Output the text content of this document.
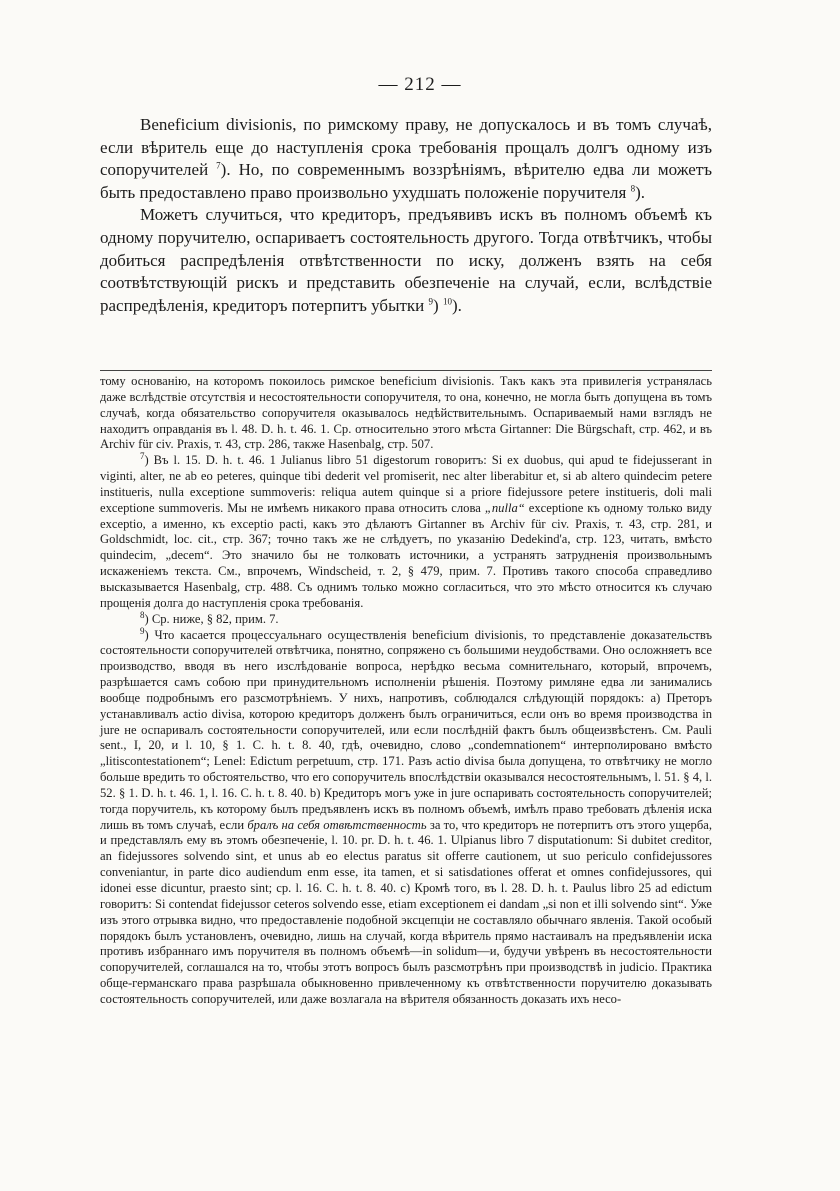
— 212 —

Beneficium divisionis, по римскому праву, не допускалось и въ томъ случаѣ, если вѣритель еще до наступленія срока требованія прощалъ долгъ одному изъ сопоручителей $^7$). Но, по современнымъ воззрѣніямъ, вѣрителю едва ли можетъ быть предоставлено право произвольно ухудшать положеніе поручителя $^8$).

Можетъ случиться, что кредиторъ, предъявивъ искъ въ полномъ объемѣ къ одному поручителю, оспариваетъ состоятельность другого. Тогда отвѣтчикъ, чтобы добиться распредѣленія отвѣтственности по иску, долженъ взять на себя соотвѣтствующій рискъ и представить обезпеченіе на случай, если, вслѣдствіе распредѣленія, кредиторъ потерпитъ убытки $^9$) $^{10}$).

тому основанію, на которомъ покоилось римское beneficium divisionis. Такъ какъ эта привилегія устранялась даже вслѣдствіе отсутствія и несостоятельности сопоручителя, то она, конечно, не могла быть допущена въ томъ случаѣ, когда обязательство сопоручителя оказывалось недѣйствительнымъ. Оспариваемый нами взглядъ не находитъ оправданія въ l. 48. D. h. t. 46. 1. Ср. относительно этого мѣста Girtanner: Die Bürgschaft, стр. 462, и въ Archiv für civ. Praxis, т. 43, стр. 286, также Hasenbalg, стр. 507.

$^7$) Въ l. 15. D. h. t. 46. 1 Julianus libro 51 digestorum говоритъ: Si ex duobus, qui apud te fidejusserant in viginti, alter, ne ab eo peteres, quinque tibi dederit vel promiserit, nec alter liberabitur et, si ab altero quindecim petere instituеris, nulla exceptione summoveris: reliqua autem quinque si a priore fidejussore petere instituеris, doli mali exceptione summoveris. Мы не имѣемъ никакого права относить слова „nulla“ exceptione къ одному только виду exceptio, а именно, къ exceptio pacti, какъ это дѣлаютъ Girtanner въ Archiv für civ. Praxis, т. 43, стр. 281, и Goldschmidt, loc. cit., стр. 367; точно такъ же не слѣдуетъ, по указанію Dedekind'a, стр. 123, читать, вмѣсто quindecim, „decem“. Это значило бы не толковать источники, а устранять затрудненія произвольнымъ искаженіемъ текста. См., впрочемъ, Windscheid, т. 2, § 479, прим. 7. Противъ такого способа справедливо высказывается Hasenbalg, стр. 488. Съ однимъ только можно согласиться, что это мѣсто относится къ случаю прощенія долга до наступленія срока требованія.

$^8$) Ср. ниже, § 82, прим. 7.

$^9$) Что касается процессуальнаго осуществленія beneficium divisionis, то представленіе доказательствъ состоятельности сопоручителей отвѣтчика, понятно, сопряжено съ большими неудобствами. Оно осложняетъ все производство, вводя въ него изслѣдованіе вопроса, нерѣдко весьма сомнительнаго, который, впрочемъ, разрѣшается самъ собою при принудительномъ исполненіи рѣшенія. Поэтому римляне едва ли занимались вообще подробнымъ его разсмотрѣніемъ. У нихъ, напротивъ, соблюдался слѣдующій порядокъ: а) Преторъ устанавливалъ actio divisa, которою кредиторъ долженъ былъ ограничиться, если онъ во время производства in jure не оспаривалъ состоятельности сопоручителей, или если послѣдній фактъ былъ общеизвѣстенъ. См. Pauli sent., I, 20, и l. 10, § 1. C. h. t. 8. 40, гдѣ, очевидно, слово „condemnationem“ интерполировано вмѣсто „litiscontestationem“; Lenel: Edictum perpetuum, стр. 171. Разъ actio divisa была допущена, то отвѣтчику не могло больше вредить то обстоятельство, что его сопоручитель впослѣдствіи оказывался несостоятельнымъ, l. 51. § 4, l. 52. § 1. D. h. t. 46. 1, l. 16. C. h. t. 8. 40. b) Кредиторъ могъ уже in jure оспаривать состоятельность сопоручителей; тогда поручитель, къ которому былъ предъявленъ искъ въ полномъ объемѣ, имѣлъ право требовать дѣленія иска лишь въ томъ случаѣ, если бралъ на себя отвѣтственность за то, что кредиторъ не потерпитъ отъ этого ущерба, и представлялъ ему въ этомъ обезпеченіе, l. 10. pr. D. h. t. 46. 1. Ulpianus libro 7 disputationum: Si dubitet creditor, an fidejussores solvendo sint, et unus ab eo electus paratus sit offerre cautionem, ut suo periculo confidejussores conveniantur, in parte dico audiendum enm esse, ita tamen, et si satisdationes offerat et omnes confidejussores, qui idonei esse dicuntur, praesto sint; ср. l. 16. C. h. t. 8. 40. c) Кромѣ того, въ l. 28. D. h. t. Paulus libro 25 ad edictum говоритъ: Si contendat fidejussor ceteros solvendo esse, etiam exceptionem ei dandam „si non et illi solvendo sint“. Уже изъ этого отрывка видно, что предоставленіе подобной эксцепціи не составляло обычнаго явленія. Такой особый порядокъ былъ установленъ, очевидно, лишь на случай, когда вѣритель прямо настаивалъ на предъявленіи иска противъ избраннаго имъ поручителя въ полномъ объемѣ—in solidum—и, будучи увѣренъ въ несостоятельности сопоручителей, соглашался на то, чтобы этотъ вопросъ былъ разсмотрѣнъ при производствѣ in judicio. Практика обще-германскаго права разрѣшала обыкновенно привлеченному къ отвѣтственности поручителю доказывать состоятельность сопоручителей, или даже возлагала на вѣрителя обязанность доказать ихъ несо-
